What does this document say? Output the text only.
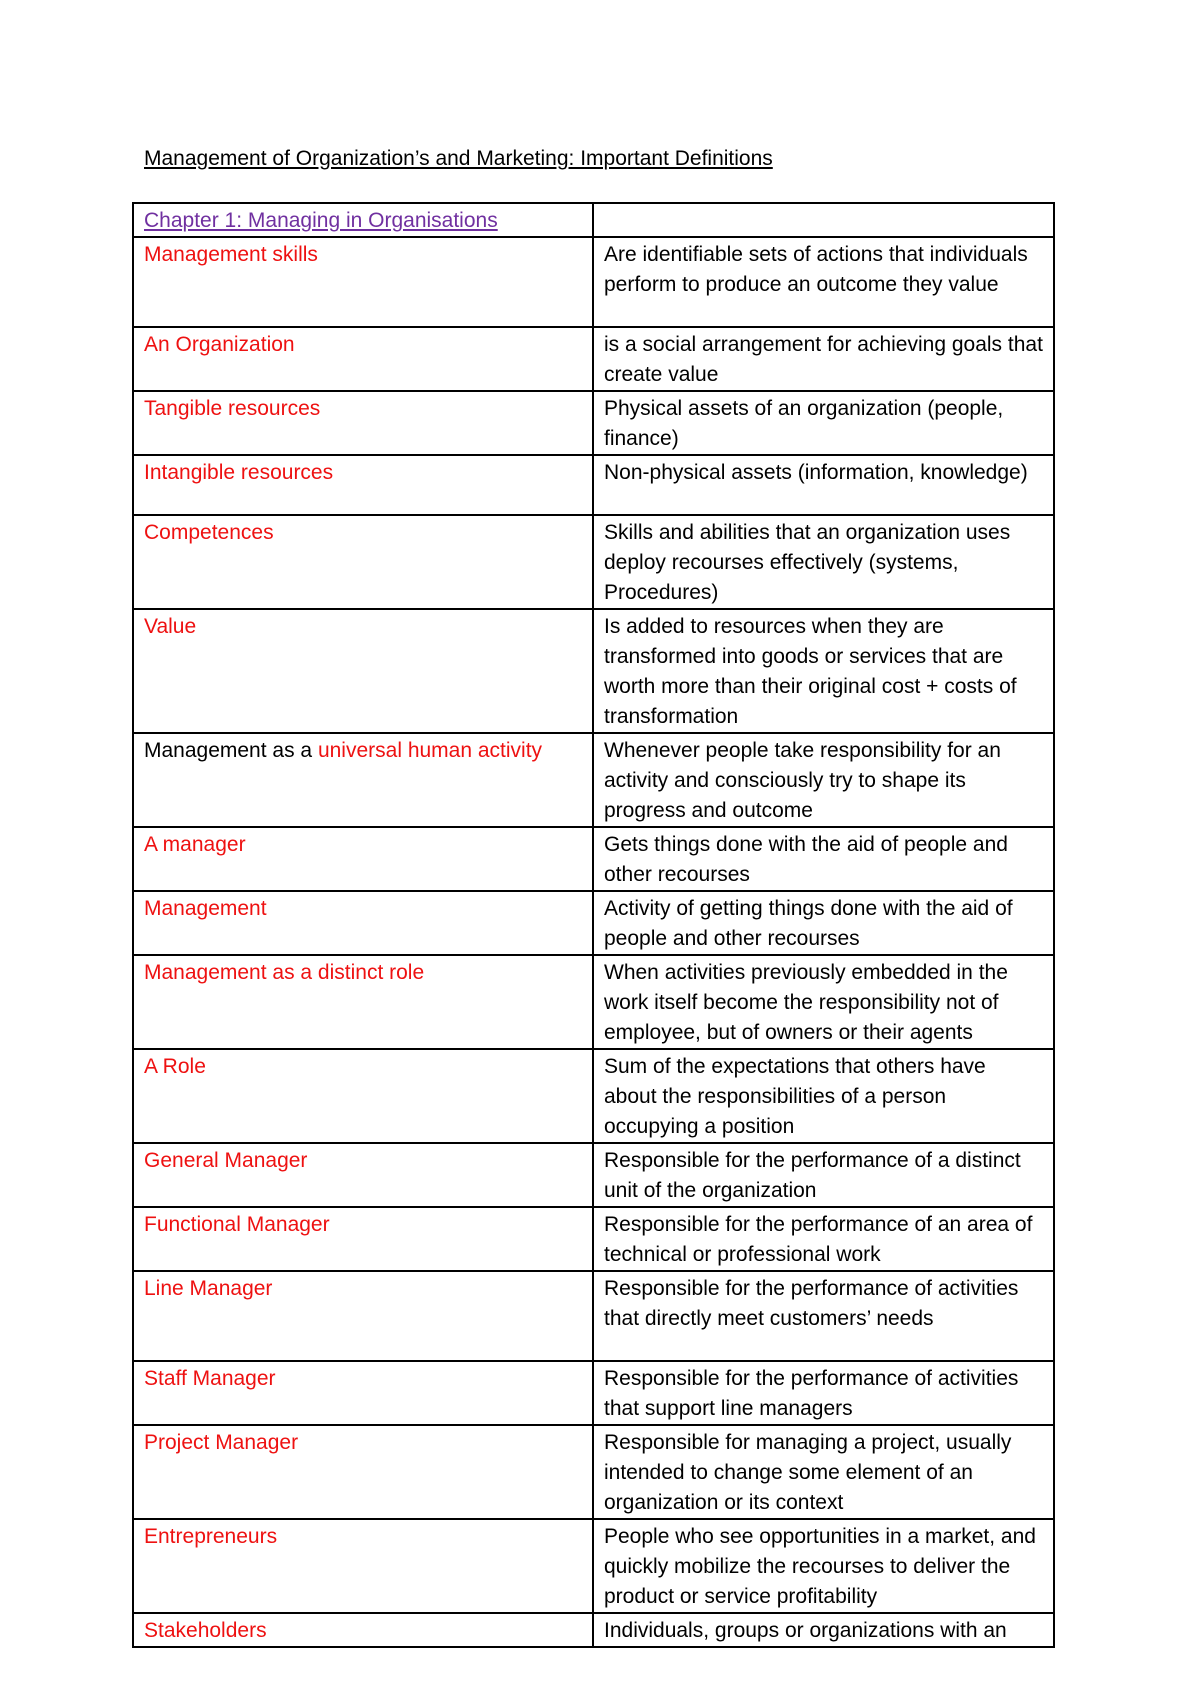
Management of Organization’s and Marketing: Important Definitions
Chapter 1: Managing in Organisations	
Management skills	Are identifiable sets of actions that individuals perform to produce an outcome they value
An Organization	is a social arrangement for achieving goals that create value
Tangible resources	Physical assets of an organization (people, finance)
Intangible resources	Non-physical assets (information, knowledge)
Competences	Skills and abilities that an organization uses deploy recourses effectively (systems, Procedures)
Value	Is added to resources when they are transformed into goods or services that are worth more than their original cost + costs of transformation
Management as a universal human activity	Whenever people take responsibility for an activity and consciously try to shape its progress and outcome
A manager	Gets things done with the aid of people and other recourses
Management	Activity of getting things done with the aid of people and other recourses
Management as a distinct role	When activities previously embedded in the work itself become the responsibility not of employee, but of owners or their agents
A Role	Sum of the expectations that others have about the responsibilities of a person occupying a position
General Manager	Responsible for the performance of a distinct unit of the organization
Functional Manager	Responsible for the performance of an area of technical or professional work
Line Manager	Responsible for the performance of activities that directly meet customers’ needs
Staff Manager	Responsible for the performance of activities that support line managers
Project Manager	Responsible for managing a project, usually intended to change some element of an organization or its context
Entrepreneurs	People who see opportunities in a market, and quickly mobilize the recourses to deliver the product or service profitability
Stakeholders	Individuals, groups or organizations with an
